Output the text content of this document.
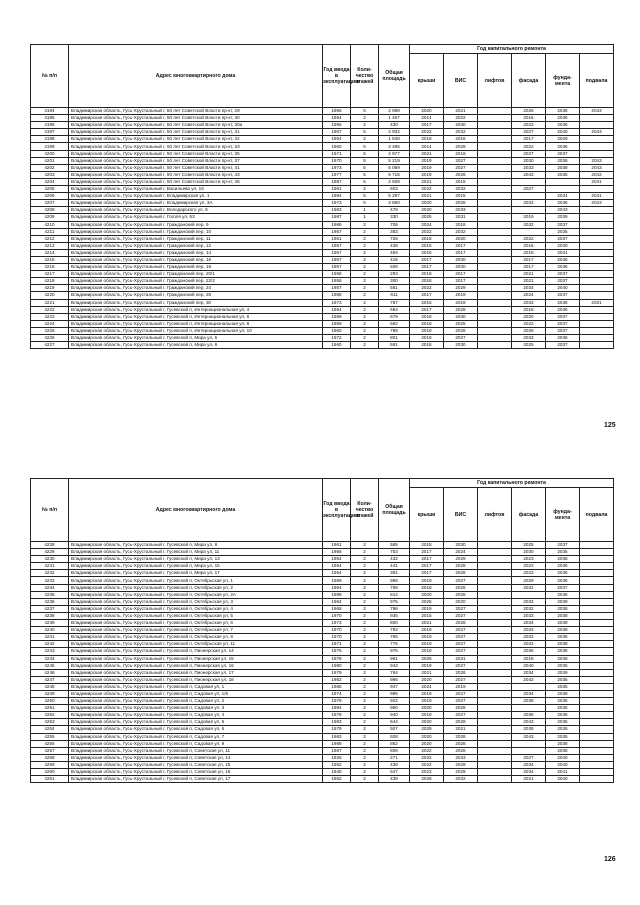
№ п/п	Адрес многоквартирного дома	Год ввода в эксплуатацию	Коли-чество этажей	Общая площадь	Год капитального ремонта					
					крыши	ВИС	лифтов	фасада	фунда-мента	подвала
4194	Владимирская область, Гусь-Хрустальный г, 50 лет Советской Власти пр-кт, 29	1966	5	2 998	2020	2021		2026	2038	2043
4195	Владимирская область, Гусь-Хрустальный г, 50 лет Советской Власти пр-кт, 30	1954	2	1 467	2014	2022		2016	2036	
4196	Владимирская область, Гусь-Хрустальный г, 50 лет Советской Власти пр-кт, 30а	1955	2	430	2017	2030		2023	2036	
4197	Владимирская область, Гусь-Хрустальный г, 50 лет Советской Власти пр-кт, 31	1967	5	2 932	2022	2032		2027	2040	2043
4198	Владимирская область, Гусь-Хрустальный г, 50 лет Советской Власти пр-кт, 32	1954	2	1 548	2018	2016		2017	2029	
4199	Владимирская область, Гусь-Хрустальный г, 50 лет Советской Власти пр-кт, 33	1960	5	3 485	2014	2029		2022	2036	
4200	Владимирская область, Гусь-Хрустальный г, 50 лет Советской Власти пр-кт, 35	1971	5	4 977	2021	2018		2027	2037	
4201	Владимирская область, Гусь-Хрустальный г, 50 лет Советской Власти пр-кт, 37	1970	5	5 219	2019	2027		2030	2036	2043
4202	Владимирская область, Гусь-Хрустальный г, 50 лет Советской Власти пр-кт, 41	1973	5	5 069	2019	2027		2033	2038	2043
4203	Владимирская область, Гусь-Хрустальный г, 50 лет Советской Власти пр-кт, 43	1977	5	6 716	2019	2026		2043	2035	2042
4204	Владимирская область, Гусь-Хрустальный г, 50 лет Советской Власти пр-кт, 45	1987	5	2 939	2021	2015				2041
4205	Владимирская область, Гусь-Хрустальный г, Васильева ул, 16	1961	2	603	2022	2032		2027		
4206	Владимирская область, Гусь-Хрустальный г, Владимирская ул, 1	1984	5	6 297	2021	2015			2034	2041
4207	Владимирская область, Гусь-Хрустальный г, Владимирская ул, 3А	1973	5	3 850	2020	2028		2033	2036	2043
4208	Владимирская область, Гусь-Хрустальный г, Володарского ул, 8	1983	1	478	2020	2033			2043	
4209	Владимирская область, Гусь-Хрустальный г, Гоголя ул, 53	1987	1	330	2025	2031		2019	2039	
4210	Владимирская область, Гусь-Хрустальный г, Гражданский пер, 9	1986	2	706	2024	2018		2032	2037	
4211	Владимирская область, Гусь-Хрустальный г, Гражданский пер, 10	1957	2	383	2022	2032			2035	
4212	Владимирская область, Гусь-Хрустальный г, Гражданский пер, 11	1961	2	726	2015	2020		2022	2037	
4213	Владимирская область, Гусь-Хрустальный г, Гражданский пер, 12	1957	2	438	2015	2017		2016	2030	
4214	Владимирская область, Гусь-Хрустальный г, Гражданский пер, 14	1957	2	494	2016	2017		2018	2031	
4215	Владимирская область, Гусь-Хрустальный г, Гражданский пер, 16	1957	2	415	2017	2030		2017	2036	
4216	Владимирская область, Гусь-Хрустальный г, Гражданский пер, 18	1957	2	506	2017	2030		2017	2036	
4217	Владимирская область, Гусь-Хрустальный г, Гражданский пер, 20/1	1958	2	293	2018	2017		2021	2037	
4218	Владимирская область, Гусь-Хрустальный г, Гражданский пер, 22/2	1958	2	300	2018	2017		2021	2037	
4219	Владимирская область, Гусь-Хрустальный г, Гражданский пер, 24	1957	2	581	2022	2029		2034	2040	
4220	Владимирская область, Гусь-Хрустальный г, Гражданский пер, 26	1958	2	611	2017	2019		2024	2037	
4221	Владимирская область, Гусь-Хрустальный г, Гражданский пер, 30	1973	2	787	2015	2019		2033	2038	2031
4222	Владимирская область, Гусь-Хрустальный г, Гусевской п, Интернациональная ул, 4	1954	2	684	2017	2029		2018	2036	
4223	Владимирская область, Гусь-Хрустальный г, Гусевской п, Интернациональная ул, 6	1959	2	679	2018	2030		2020	2037	
4224	Владимирская область, Гусь-Хрустальный г, Гусевской п, Интернациональная ул, 8	1959	2	682	2018	2025		2022	2037	
4225	Владимирская область, Гусь-Хрустальный г, Гусевской п, Интернациональная ул, 10	1960	2	788	2019	2026		2026	2037	
4226	Владимирская область, Гусь-Хрустальный г, Гусевской п, Мира ул, 5	1972	2	801	2019	2027		2033	2036	
4227	Владимирская область, Гусь-Хрустальный г, Гусевской п, Мира ул, 6	1960	2	591	2018	2030		2025	2037	
125
№ п/п	Адрес многоквартирного дома	Год ввода в эксплуатацию	Коли-чество этажей	Общая площадь	Год капитального ремонта					
					крыши	ВИС	лифтов	фасада	фунда-мента	подвала
4228	Владимирская область, Гусь-Хрустальный г, Гусевской п, Мира ул, 8	1961	2	565	2018	2030		2025	2037	
4229	Владимирская область, Гусь-Хрустальный г, Гусевской п, Мира ул, 11	1956	2	753	2017	2024		2030	2035	
4230	Владимирская область, Гусь-Хрустальный г, Гусевской п, Мира ул, 13	1954	2	432	2017	2029		2023	2036	
4231	Владимирская область, Гусь-Хрустальный г, Гусевской п, Мира ул, 15	1954	2	441	2017	2029		2023	2036	
4232	Владимирская область, Гусь-Хрустальный г, Гусевской п, Мира ул, 17	1954	2	381	2017	2028		2023	2036	
4233	Владимирская область, Гусь-Хрустальный г, Гусевской п, Октябрьская ул, 1	1969	2	996	2019	2027		2029	2036	
4234	Владимирская область, Гусь-Хрустальный г, Гусевской п, Октябрьская ул, 2	1964	2	798	2018	2026		2032	2037	
4235	Владимирская область, Гусь-Хрустальный г, Гусевской п, Октябрьская ул, 2А	1988	2	814	2020	2028			2038	
4236	Владимирская область, Гусь-Хрустальный г, Гусевской п, Октябрьская ул, 3	1964	2	975	2025	2020		2033	2039	
4237	Владимирская область, Гусь-Хрустальный г, Гусевской п, Октябрьская ул, 4	1968	2	796	2019	2027		2032	2038	
4238	Владимирская область, Гусь-Хрустальный г, Гусевской п, Октябрьская ул, 5	1970	2	936	2015	2027		2033	2038	
4239	Владимирская область, Гусь-Хрустальный г, Гусевской п, Октябрьская ул, 6	1973	2	800	2021	2028		2034	2039	
4240	Владимирская область, Гусь-Хрустальный г, Гусевской п, Октябрьская ул, 7	1970	2	782	2019	2027		2033	2038	
4241	Владимирская область, Гусь-Хрустальный г, Гусевской п, Октябрьская ул, 9	1970	2	795	2019	2027		2033	2038	
4242	Владимирская область, Гусь-Хрустальный г, Гусевской п, Октябрьская ул, 11	1971	2	776	2019	2027		2033	2038	
4243	Владимирская область, Гусь-Хрустальный г, Гусевской п, Пионерская ул, 14	1975	2	976	2019	2027		2035	2038	
4244	Владимирская область, Гусь-Хрустальный г, Гусевской п, Пионерская ул, 15	1978	2	961	2025	2031		2018	2039	
4245	Владимирская область, Гусь-Хрустальный г, Гусевской п, Пионерская ул, 16	1980	2	942	2019	2027		2040	2035	
4246	Владимирская область, Гусь-Хрустальный г, Гусевской п, Пионерская ул, 17	1979	2	764	2021	2026		2034	2039	
4247	Владимирская область, Гусь-Хрустальный г, Гусевской п, Пионерская ул, 18	1982	2	986	2020	2027		2042	2035	
4248	Владимирская область, Гусь-Хрустальный г, Гусевской п, Садовая ул, 1	1985	2	947	2024	2019			2035	
4249	Владимирская область, Гусь-Хрустальный г, Гусевской п, Садовая ул, 1/6	1974	2	995	2019	2027		2034	2038	
4250	Владимирская область, Гусь-Хрустальный г, Гусевской п, Садовая ул, 2	1978	2	922	2019	2027		2036	2035	
4251	Владимирская область, Гусь-Хрустальный г, Гусевской п, Садовая ул, 3	1984	2	950	2020	2028			2035	
4252	Владимирская область, Гусь-Хрустальный г, Гусевской п, Садовая ул, 4	1978	2	940	2019	2027		2036	2035	
4253	Владимирская область, Гусь-Хрустальный г, Гусевской п, Садовая ул, 5	1983	2	644	2020	2028		2043	2035	
4254	Владимирская область, Гусь-Хрустальный г, Гусевской п, Садовая ул, 6	1979	2	927	2029	2021		2039	2035	
4255	Владимирская область, Гусь-Хрустальный г, Гусевской п, Садовая ул, 7	1983	2	928	2020	2028		2043	2035	
4256	Владимирская область, Гусь-Хрустальный г, Гусевской п, Садовая ул, 9	1988	2	862	2020	2028			2038	
4257	Владимирская область, Гусь-Хрустальный г, Гусевской п, Советская ул, 11	1967	2	806	2022	2026			2036	
4258	Владимирская область, Гусь-Хрустальный г, Гусевской п, Советская ул, 14	1926	2	271	2022	2033		2027	2040	
4259	Владимирская область, Гусь-Хрустальный г, Гусевской п, Советская ул, 15	1952	2	436	2022	2029		2034	2040	
4260	Владимирская область, Гусь-Хрустальный г, Гусевской п, Советская ул, 16	1940	2	547	2023	2029		2034	2041	
4261	Владимирская область, Гусь-Хрустальный г, Гусевской п, Советская ул, 17	1952	2	439	2028	2032		2021	2040	
126
